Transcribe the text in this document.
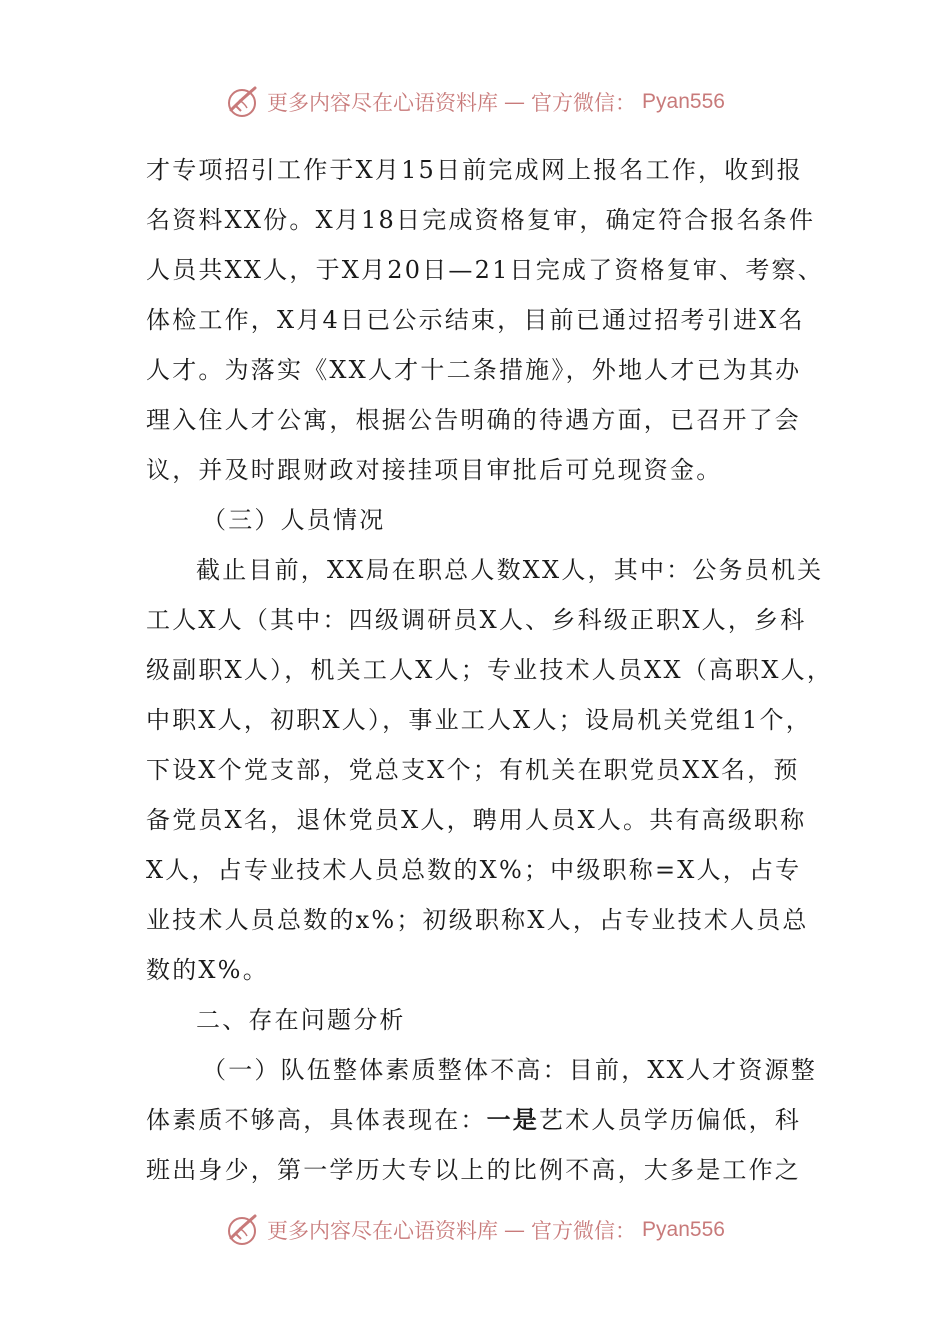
更多内容尽在心语资料库 — 官方微信： Pyan556
才专项招引工作于X月15日前完成网上报名工作，收到报
名资料XX份。X月18日完成资格复审，确定符合报名条件
人员共XX人，于X月20日—21日完成了资格复审、考察、
体检工作，X月4日已公示结束，目前已通过招考引进X名
人才。为落实《XX人才十二条措施》，外地人才已为其办
理入住人才公寓，根据公告明确的待遇方面，已召开了会
议，并及时跟财政对接挂项目审批后可兑现资金。
（三）人员情况
截止目前，XX局在职总人数XX人，其中：公务员机关
工人X人（其中：四级调研员X人、乡科级正职X人，乡科
级副职X人），机关工人X人；专业技术人员XX（高职X人，
中职X人，初职X人），事业工人X人；设局机关党组1个，
下设X个党支部，党总支X个；有机关在职党员XX名，预
备党员X名，退休党员X人，聘用人员X人。共有高级职称
X人，占专业技术人员总数的X%；中级职称=X人，占专
业技术人员总数的x%；初级职称X人，占专业技术人员总
数的X%。
二、存在问题分析
（一）队伍整体素质整体不高：目前，XX人才资源整
体素质不够高，具体表现在：一是艺术人员学历偏低，科
班出身少，第一学历大专以上的比例不高，大多是工作之
更多内容尽在心语资料库 — 官方微信： Pyan556
